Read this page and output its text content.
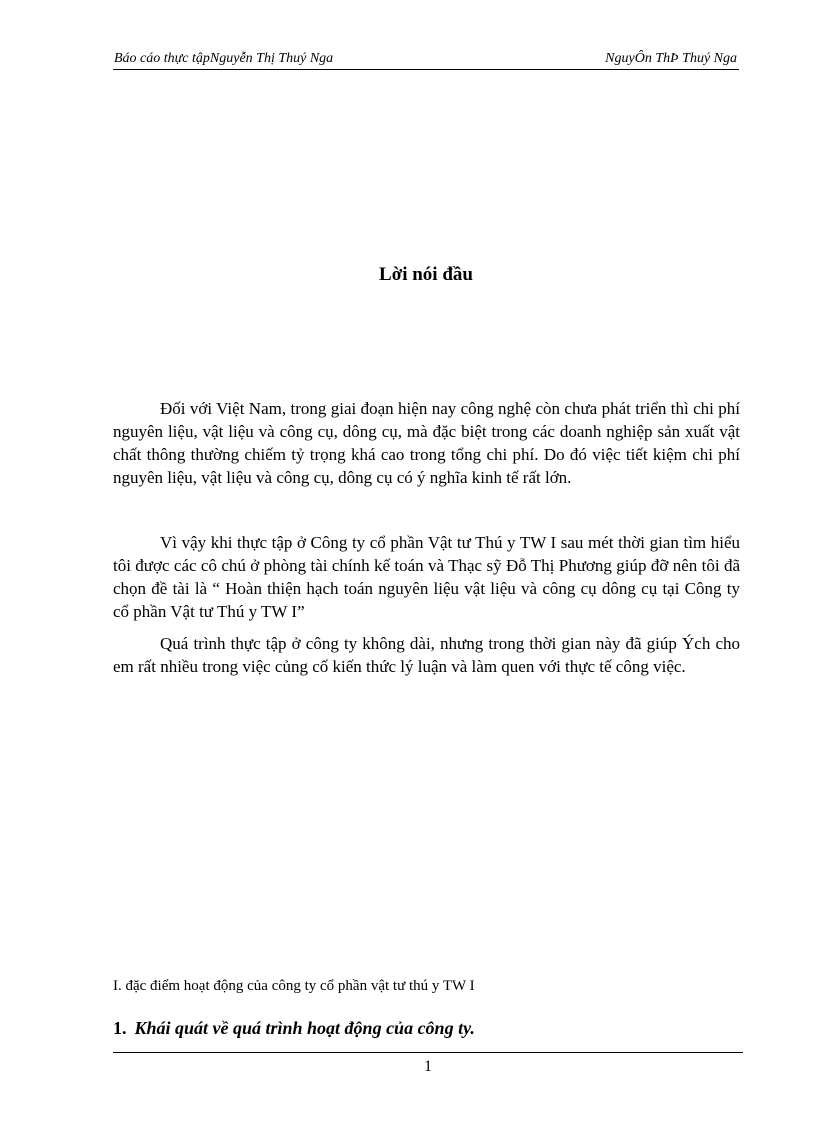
Báo cáo thực tậpNguyễn Thị Thuý Nga	NguyÔn ThÞ Thuý Nga
Lời nói đầu

Đối với Việt Nam, trong giai đoạn hiện nay công nghệ còn chưa phát triển thì chi phí nguyên liệu, vật liệu và công cụ, dông cụ, mà đặc biệt trong các doanh nghiệp sản xuất vật chất thông thường chiếm tỷ trọng khá cao trong tổng chi phí. Do đó việc tiết kiệm chi phí nguyên liệu, vật liệu và công cụ, dông cụ có ý nghĩa kinh tế rất lớn.

Vì vậy khi thực tập ở Công ty cổ phần Vật tư Thú y TW I sau mét thời gian tìm hiểu tôi được các cô chú ở phòng tài chính kế toán và Thạc sỹ Đỗ Thị Phương giúp đỡ nên tôi đã chọn đề tài là “ Hoàn thiện hạch toán nguyên liệu vật liệu và công cụ dông cụ tại Công ty cổ phần Vật tư Thú y TW I”

Quá trình thực tập ở công ty không dài, nhưng trong thời gian này đã giúp Ých cho em rất nhiều trong việc củng cố kiến thức lý luận và làm quen với thực tế công việc.

I. đặc điểm hoạt động của công ty cổ phần vật tư thú y TW I
1. Khái quát về quá trình hoạt động của công ty.
1
